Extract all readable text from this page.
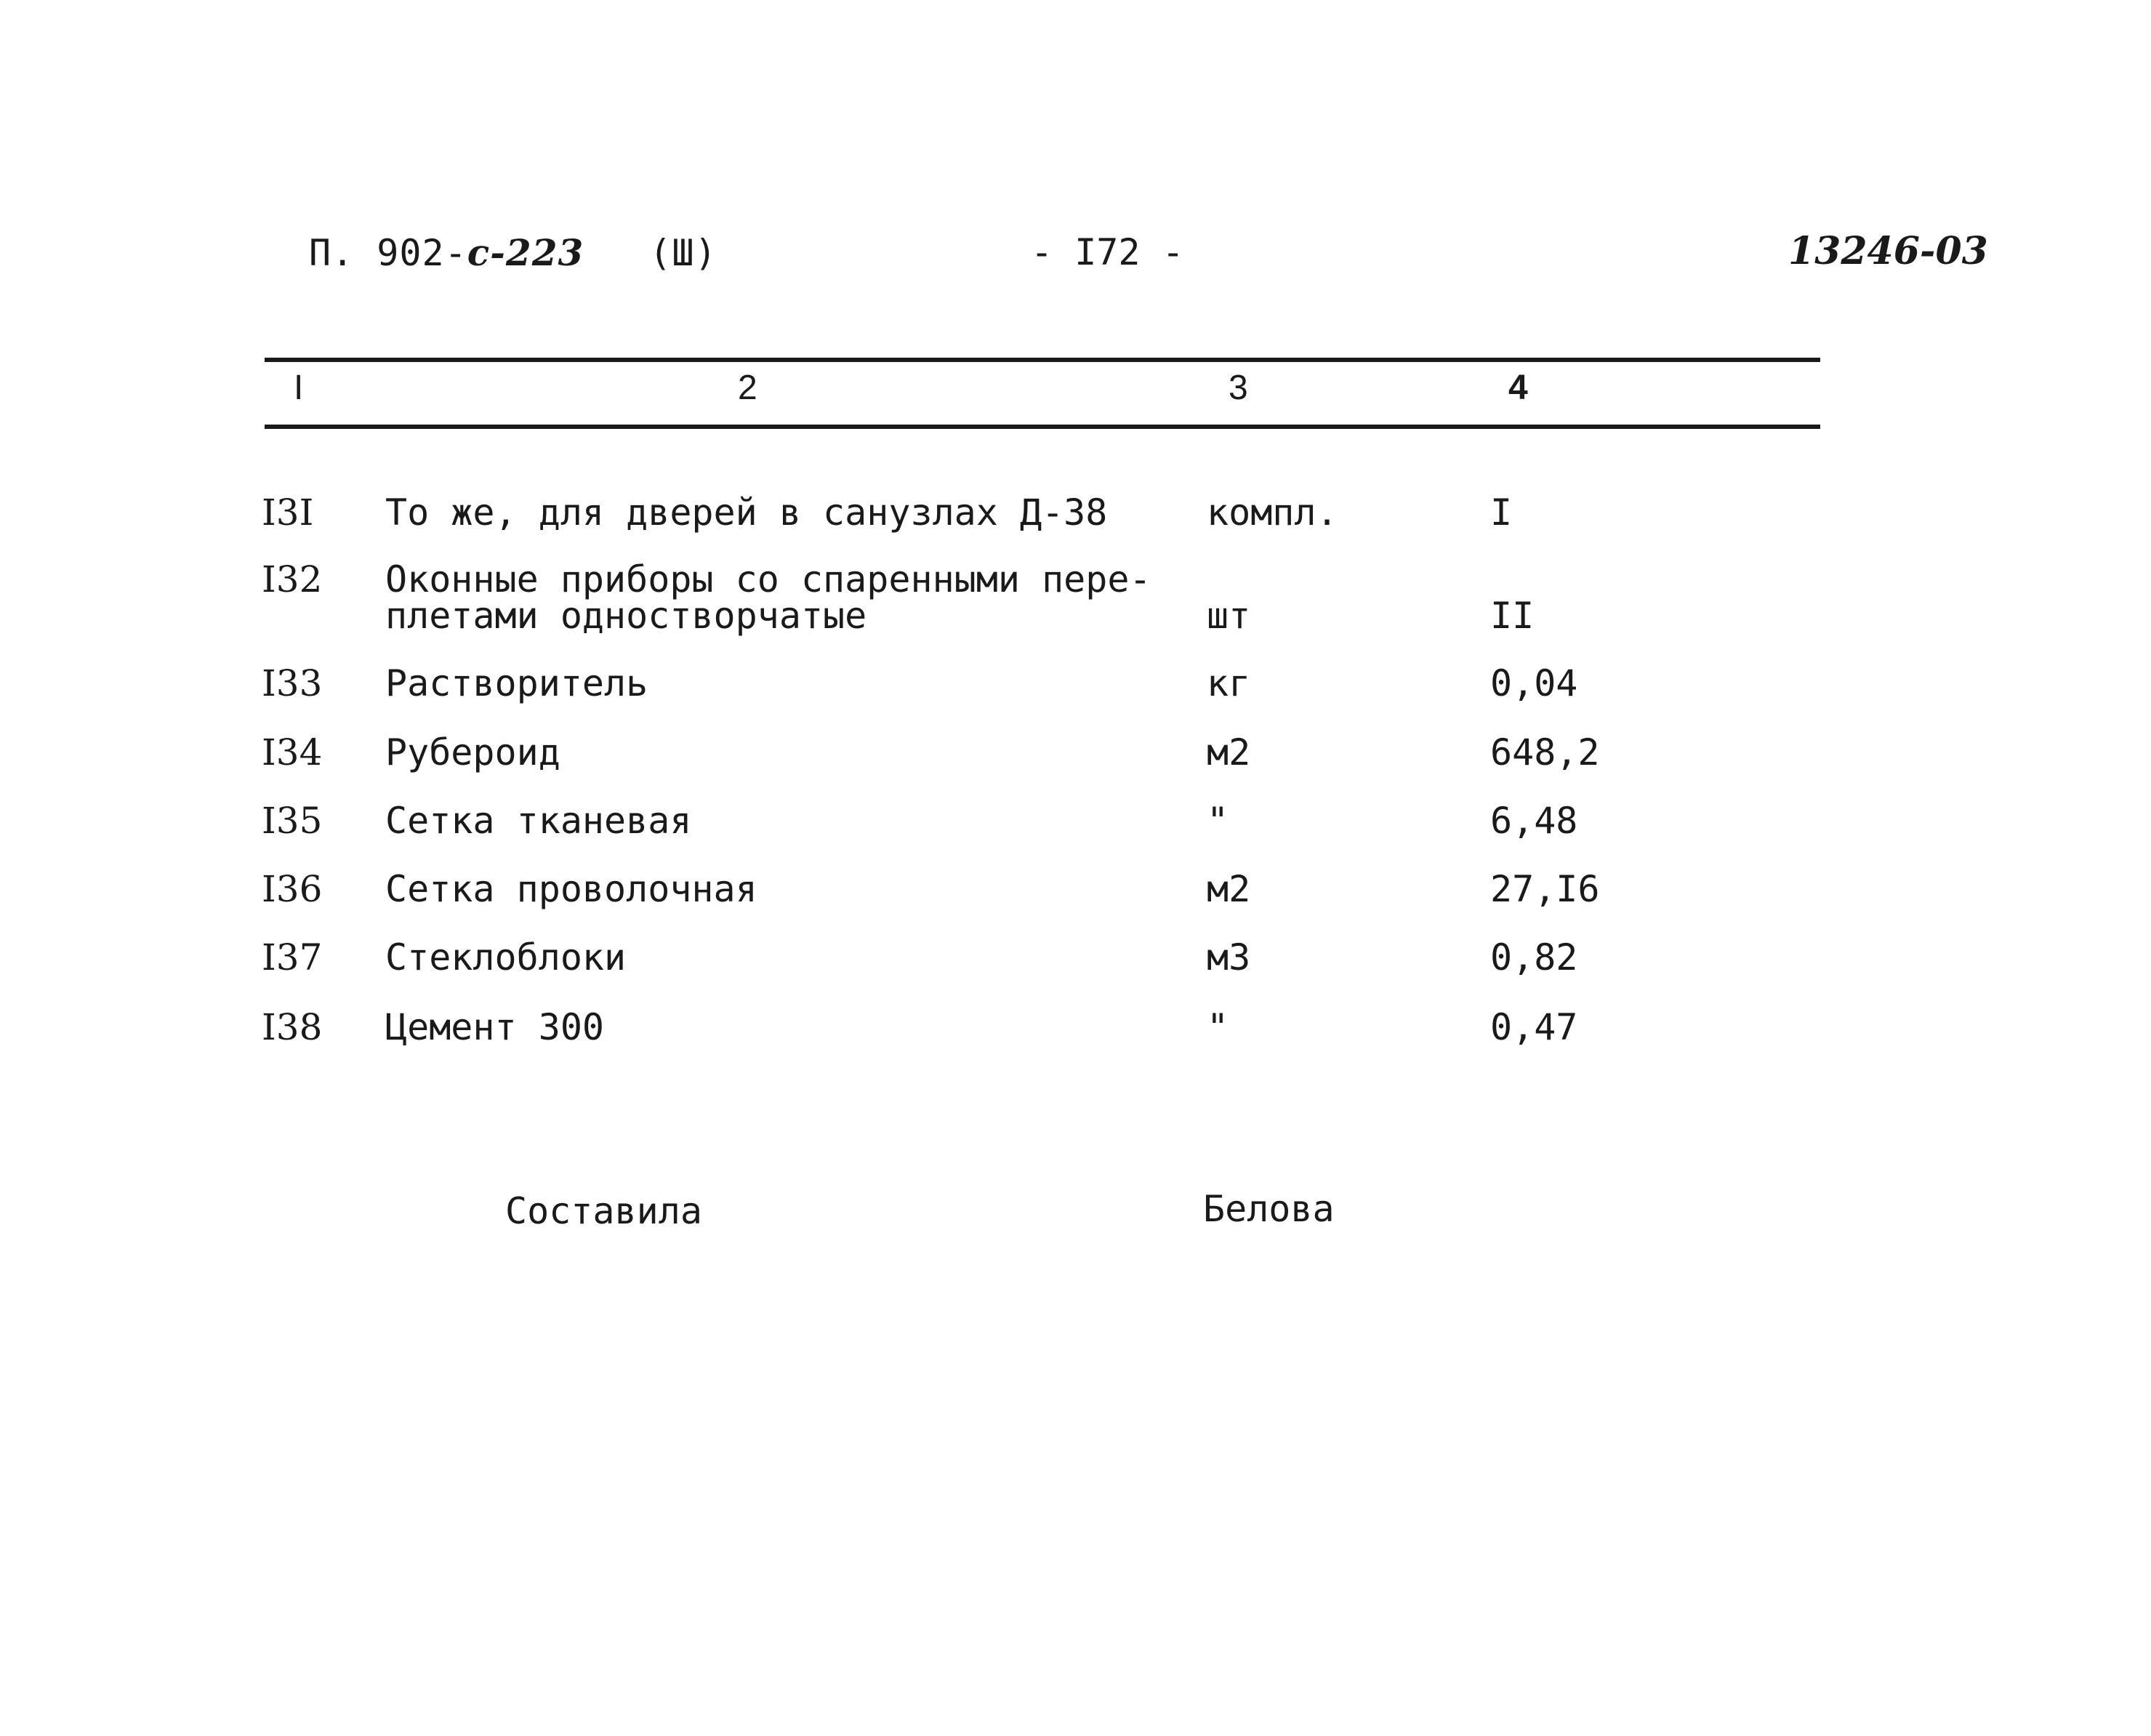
П. 902-с-223 (Ш)	- I72 -	13246-03
I	2	3	4
I3I То же, для дверей в санузлах Д-38	компл.	I
I32 Оконные приборы со спаренными пере-
плетами одностворчатые	шт	II
I33 Растворитель	кг	0,04
I34 Рубероид	м2	648,2
I35 Сетка тканевая	"	6,48
I36 Сетка проволочная	м2	27,I6
I37 Стеклоблоки	м3	0,82
I38 Цемент 300	"	0,47
Составила	Белова
